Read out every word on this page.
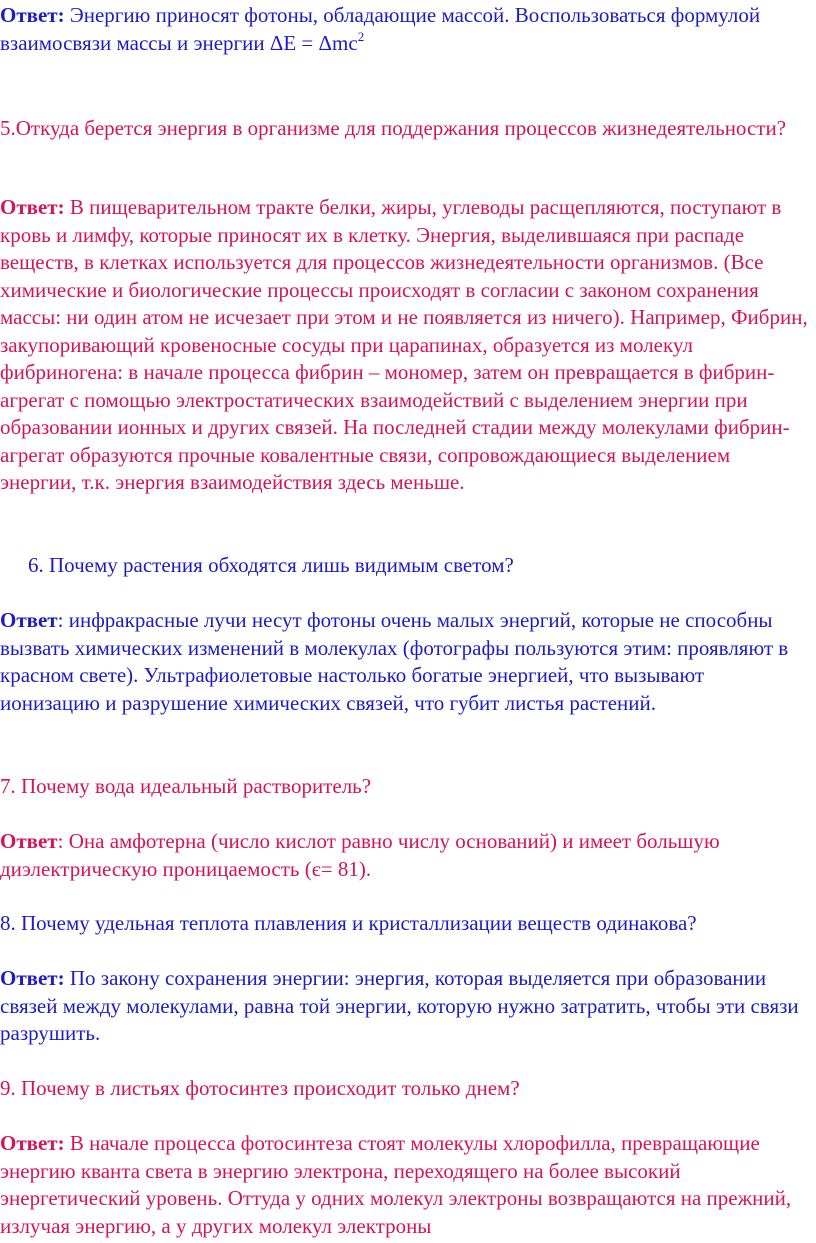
Ответ: Энергию приносят фотоны, обладающие массой. Воспользоваться формулой взаимосвязи массы и энергии ΔE = Δmc$^2$

5.Откуда берется энергия в организме для поддержания процессов жизнедеятельности?

Ответ: В пищеварительном тракте белки, жиры, углеводы расщепляются, поступают в кровь и лимфу, которые приносят их в клетку. Энергия, выделившаяся при распаде веществ, в клетках используется для процессов жизнедеятельности организмов. (Все химические и биологические процессы происходят в согласии с законом сохранения массы: ни один атом не исчезает при этом и не появляется из ничего). Например, Фибрин, закупоривающий кровеносные сосуды при царапинах, образуется из молекул фибриногена: в начале процесса фибрин – мономер, затем он превращается в фибрин-агрегат с помощью электростатических взаимодействий с выделением энергии при образовании ионных и других связей. На последней стадии между молекулами фибрин-агрегат образуются прочные ковалентные связи, сопровождающиеся выделением энергии, т.к. энергия взаимодействия здесь меньше.

6. Почему растения обходятся лишь видимым светом?

Ответ: инфракрасные лучи несут фотоны очень малых энергий, которые не способны вызвать химических изменений в молекулах (фотографы пользуются этим: проявляют в красном свете). Ультрафиолетовые настолько богатые энергией, что вызывают ионизацию и разрушение химических связей, что губит листья растений.

7. Почему вода идеальный растворитель?

Ответ: Она амфотерна (число кислот равно числу оснований) и имеет большую диэлектрическую проницаемость (є= 81).

8. Почему удельная теплота плавления и кристаллизации веществ одинакова?

Ответ: По закону сохранения энергии: энергия, которая выделяется при образовании связей между молекулами, равна той энергии, которую нужно затратить, чтобы эти связи разрушить.

9. Почему в листьях фотосинтез происходит только днем?

Ответ: В начале процесса фотосинтеза стоят молекулы хлорофилла, превращающие энергию кванта света в энергию электрона, переходящего на более высокий энергетический уровень. Оттуда у одних молекул электроны возвращаются на прежний, излучая энергию, а у других молекул электроны
